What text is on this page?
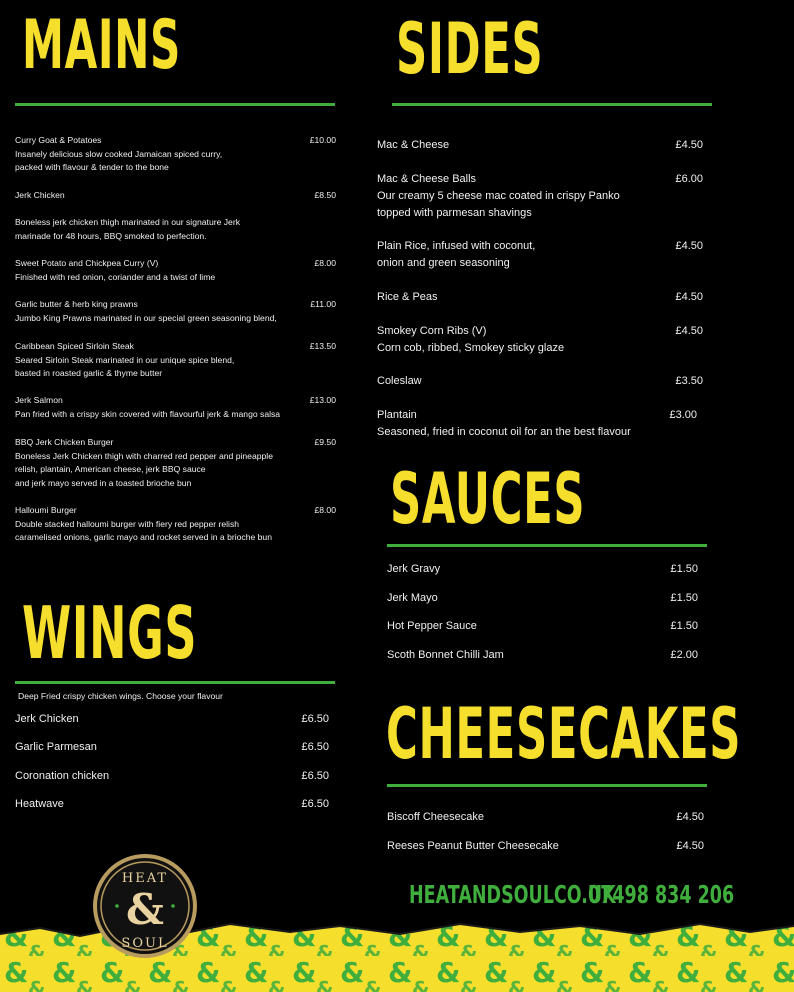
MAINS
Curry Goat & Potatoes	£10.00
Insanely delicious slow cooked Jamaican spiced curry,
packed with flavour & tender to the bone
Jerk Chicken	£8.50
Boneless jerk chicken thigh marinated in our signature Jerk
marinade for 48 hours, BBQ smoked to perfection.
Sweet Potato and Chickpea Curry (V)	£8.00
Finished with red onion, coriander and a twist of lime
Garlic butter & herb king prawns	£11.00
Jumbo King Prawns marinated in our special green seasoning blend,
Caribbean Spiced Sirloin Steak	£13.50
Seared Sirloin Steak marinated in our unique spice blend,
basted in roasted garlic & thyme butter
Jerk Salmon	£13.00
Pan fried with a crispy skin covered with flavourful jerk & mango salsa
BBQ Jerk Chicken Burger	£9.50
Boneless Jerk Chicken thigh with charred red pepper and pineapple
relish, plantain, American cheese, jerk BBQ sauce
and jerk mayo served in a toasted brioche bun
Halloumi Burger	£8.00
Double stacked halloumi burger with fiery red pepper relish
caramelised onions, garlic mayo and rocket served in a brioche bun
SIDES
Mac & Cheese	£4.50
Mac & Cheese Balls	£6.00
Our creamy 5 cheese mac coated in crispy Panko
topped with parmesan shavings
Plain Rice, infused with coconut,	£4.50
onion and green seasoning
Rice & Peas	£4.50
Smokey Corn Ribs (V)	£4.50
Corn cob, ribbed, Smokey sticky glaze
Coleslaw	£3.50
Plantain	£3.00
Seasoned, fried in coconut oil for an the best flavour
SAUCES
Jerk Gravy	£1.50
Jerk Mayo	£1.50
Hot Pepper Sauce	£1.50
Scoth Bonnet Chilli Jam	£2.00
WINGS
Deep Fried crispy chicken wings. Choose your flavour
Jerk Chicken	£6.50
Garlic Parmesan	£6.50
Coronation chicken	£6.50
Heatwave	£6.50
CHEESECAKES
Biscoff Cheesecake	£4.50
Reeses Peanut Butter Cheesecake	£4.50
HEATANDSOULCO.UK
07498 834 206
HEAT
&
SOUL
